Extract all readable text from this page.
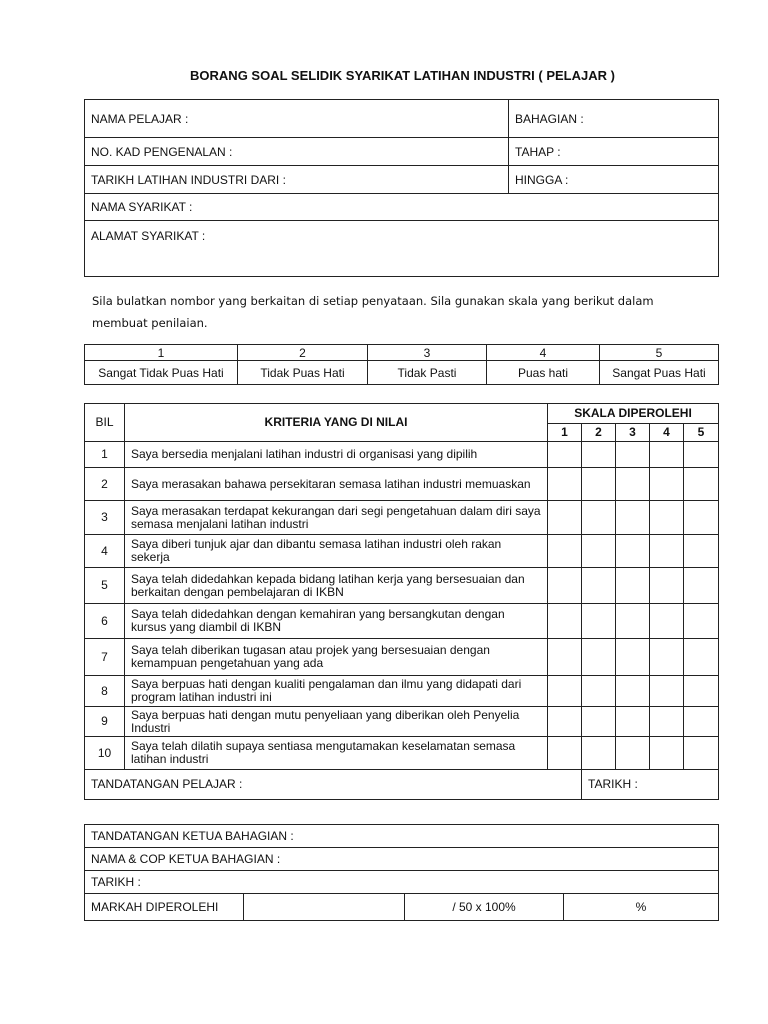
BORANG SOAL SELIDIK SYARIKAT LATIHAN INDUSTRI ( PELAJAR )
NAMA PELAJAR :	BAHAGIAN :
NO. KAD PENGENALAN :	TAHAP :
TARIKH LATIHAN INDUSTRI DARI :	HINGGA :
NAMA SYARIKAT :	
ALAMAT SYARIKAT :	
Sila bulatkan nombor yang berkaitan di setiap penyataan. Sila gunakan skala yang berikut dalam membuat penilaian.
1	2	3	4	5
Sangat Tidak Puas Hati	Tidak Puas Hati	Tidak Pasti	Puas hati	Sangat Puas Hati
BIL	KRITERIA YANG DI NILAI	SKALA DIPEROLEHI				
		1	2	3	4	5
1	Saya bersedia menjalani latihan industri di organisasi yang dipilih					
2	Saya merasakan bahawa persekitaran semasa latihan industri memuaskan					
3	Saya merasakan terdapat kekurangan dari segi pengetahuan dalam diri saya semasa menjalani latihan industri					
4	Saya diberi tunjuk ajar dan dibantu semasa latihan industri oleh rakan sekerja					
5	Saya telah didedahkan kepada bidang latihan kerja yang bersesuaian dan berkaitan dengan pembelajaran di IKBN					
6	Saya telah didedahkan dengan kemahiran yang bersangkutan dengan kursus yang diambil di IKBN					
7	Saya telah diberikan tugasan atau projek yang bersesuaian dengan kemampuan pengetahuan yang ada					
8	Saya berpuas hati dengan kualiti pengalaman dan ilmu yang didapati dari program latihan industri ini					
9	Saya berpuas hati dengan mutu penyeliaan yang diberikan oleh Penyelia Industri					
10	Saya telah dilatih supaya sentiasa mengutamakan keselamatan semasa latihan industri					
TANDATANGAN PELAJAR :			TARIKH :			
TANDATANGAN KETUA BAHAGIAN :
NAMA & COP KETUA BAHAGIAN :
TARIKH :
MARKAH DIPEROLEHI		/ 50 x 100%	%
